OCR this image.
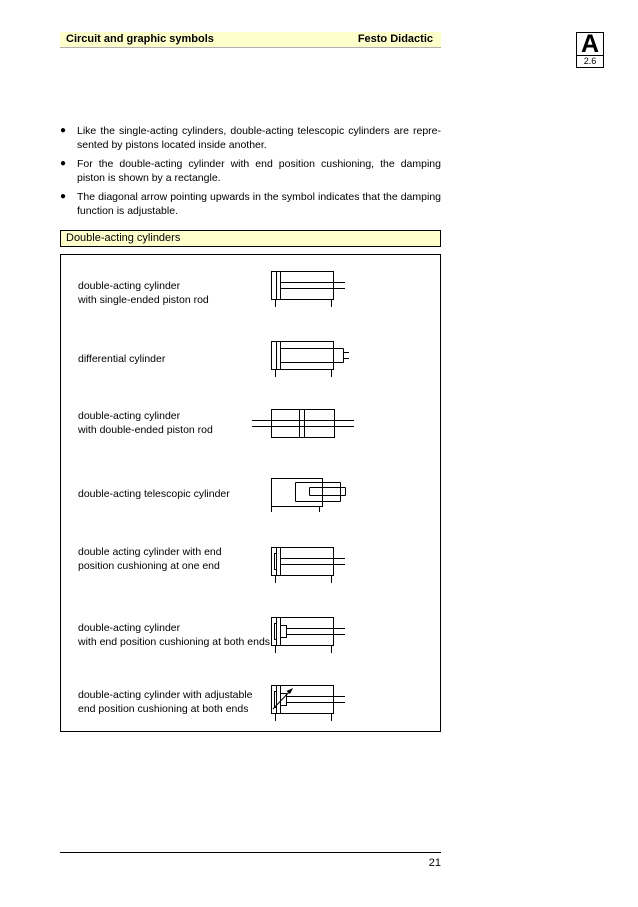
Circuit and graphic symbols	Festo Didactic	A
2.6
● Like the single-acting cylinders, double-acting telescopic cylinders are represented by pistons located inside another.
● For the double-acting cylinder with end position cushioning, the damping piston is shown by a rectangle.
● The diagonal arrow pointing upwards in the symbol indicates that the damping function is adjustable.
Double-acting cylinders
double-acting cylinder
with single-ended piston rod
differential cylinder
double-acting cylinder
with double-ended piston rod
double-acting telescopic cylinder
double acting cylinder with end
position cushioning at one end
double-acting cylinder
with end position cushioning at both ends
double-acting cylinder with adjustable
end position cushioning at both ends
21
